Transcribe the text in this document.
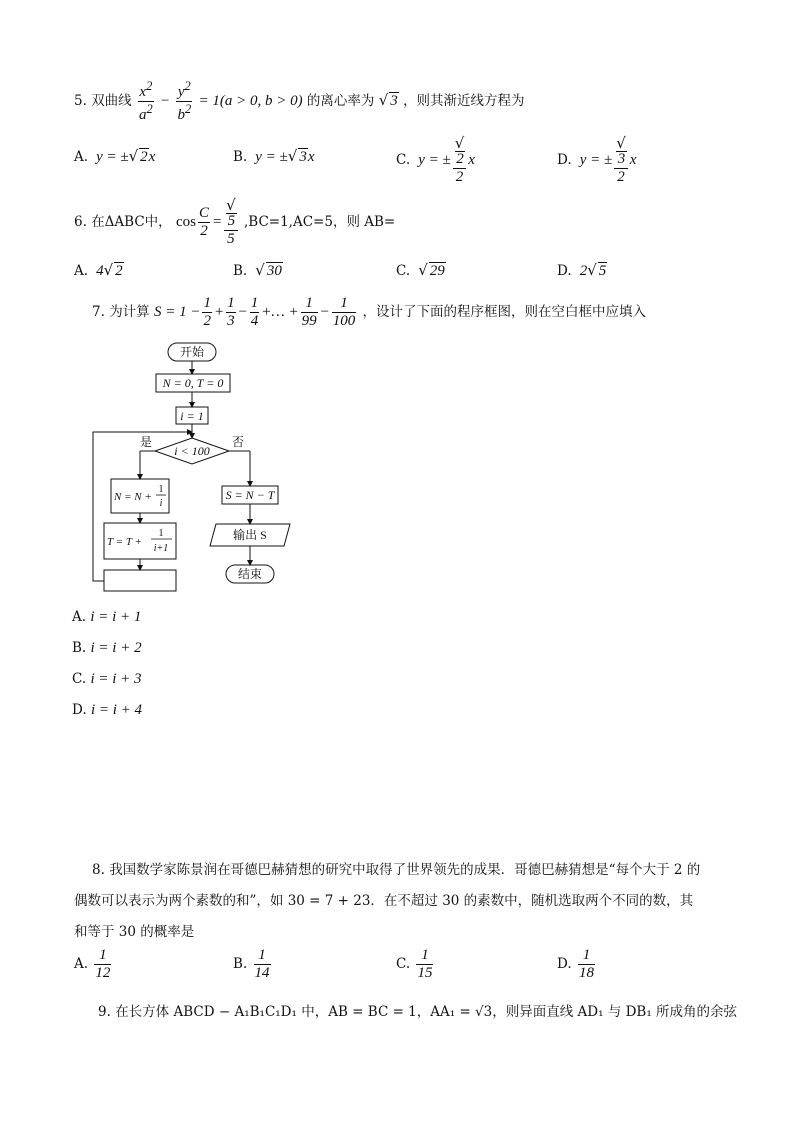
5. 双曲线 $\frac{x^2}{a^2} - \frac{y^2}{b^2} = 1(a > 0$, b > 0) 的离心率为 √ 3 ，则其渐近线方程为
A.  y = ±√ 2x	B.  y = ±√ 3x	C.  y = ± √
2
2 x	D.  y = ± √
3
2 x
6. 在ΔABC中， $\cos \frac{C}{2}$ = √
5
5 ,BC=1,AC=5，则 AB=
A.  4√ 2	B. √ 30	C. √ 29	D.  2√ 5
7. 为计算 $S = 1 - \frac{1}{2} + \frac{1}{3} - \frac{1}{4}$ +… + $\frac{1}{99} - \frac{1}{100}$ ，设计了下面的程序框图，则在空白框中应填入
开始
N = 0, T = 0
i = 1
i < 100
是	否
N = N +
1
i
T = T +
1
i+1
S = N − T
输出 S
结束
A. i = i + 1
B. i = i + 2
C. i = i + 3
D. i = i + 4
8. 我国数学家陈景润在哥德巴赫猜想的研究中取得了世界领先的成果．哥德巴赫猜想是“每个大于 2 的
偶数可以表示为两个素数的和”，如 30 = 7 + 23．在不超过 30 的素数中，随机选取两个不同的数，其
和等于 30 的概率是
A. $\frac{1}{12}$	B. $\frac{1}{14}$	C. $\frac{1}{15}$	D. $\frac{1}{18}$
9. 在长方体 ABCD − A₁B₁C₁D₁ 中，AB = BC = 1，AA₁ = √3，则异面直线 AD₁ 与 DB₁ 所成角的余弦
